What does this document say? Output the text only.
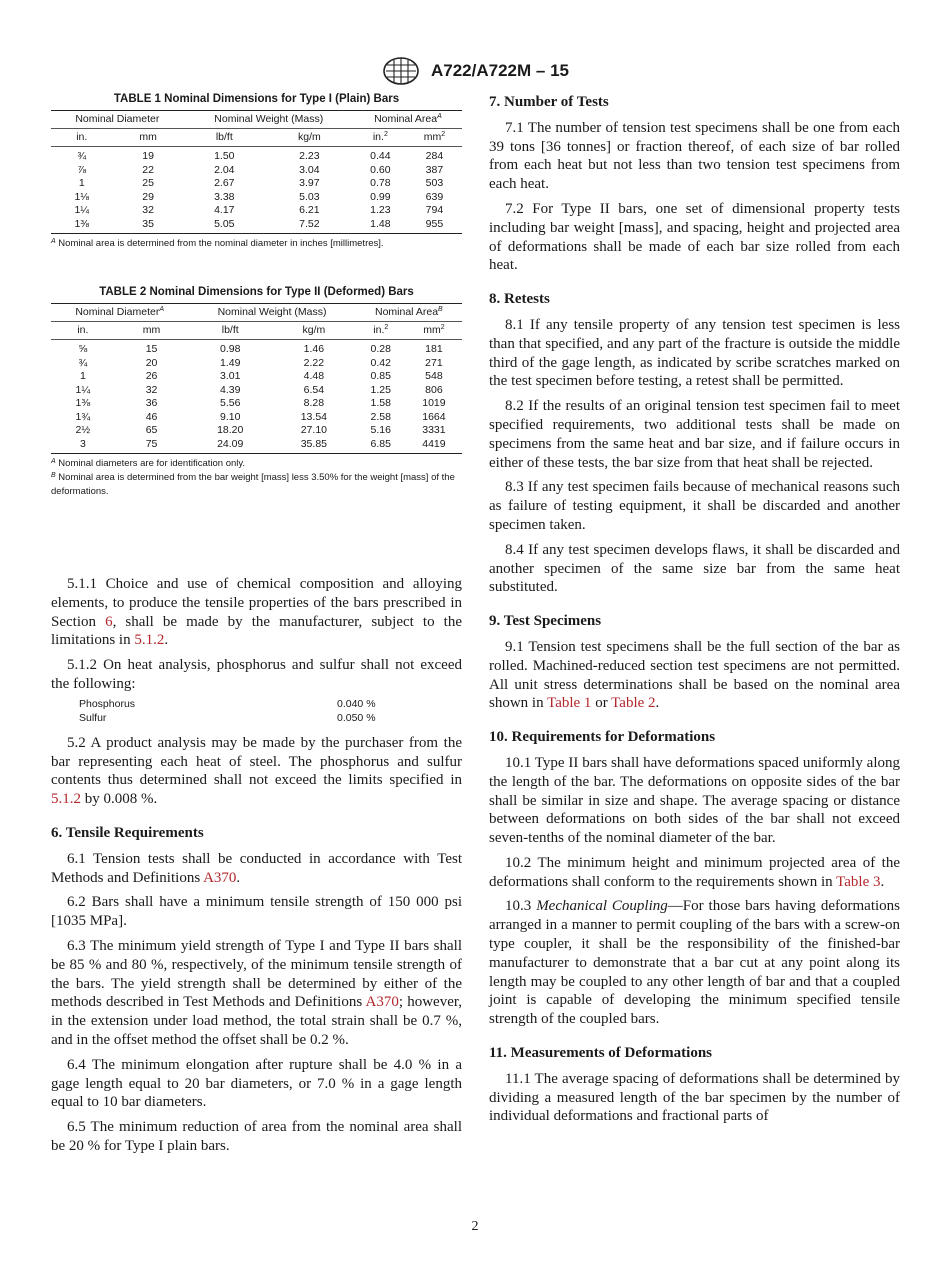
A722/A722M – 15
TABLE 1 Nominal Dimensions for Type I (Plain) Bars
Nominal Diameter		Nominal Weight (Mass)		Nominal Area$^A$
in.	mm	lb/ft	kg/m	in.$^2$	$mm^2$
¾	19	1.50	2.23	0.44	284
⅞	22	2.04	3.04	0.60	387
1	25	2.67	3.97	0.78	503
1⅛	29	3.38	5.03	0.99	639
1¼	32	4.17	6.21	1.23	794
1⅜	35	5.05	7.52	1.48	955
$^A$ Nominal area is determined from the nominal diameter in inches [millimetres].
TABLE 2 Nominal Dimensions for Type II (Deformed) Bars
Nominal Diameter$^A$		Nominal Weight (Mass)		Nominal Area$^B$
in.	mm	lb/ft	kg/m	in.$^2$	$mm^2$
⅝	15	0.98	1.46	0.28	181
¾	20	1.49	2.22	0.42	271
1	26	3.01	4.48	0.85	548
1¼	32	4.39	6.54	1.25	806
1⅜	36	5.56	8.28	1.58	1019
1¾	46	9.10	13.54	2.58	1664
2½	65	18.20	27.10	5.16	3331
3	75	24.09	35.85	6.85	4419
$^A$ Nominal diameters are for identification only.
$^B$ Nominal area is determined from the bar weight [mass] less 3.50% for the weight [mass] of the deformations.

5.1.1 Choice and use of chemical composition and alloying elements, to produce the tensile properties of the bars prescribed in Section 6, shall be made by the manufacturer, subject to the limitations in 5.1.2.

5.1.2 On heat analysis, phosphorus and sulfur shall not exceed the following:

Phosphorus	0.040 %
Sulfur	0.050 %

5.2 A product analysis may be made by the purchaser from the bar representing each heat of steel. The phosphorus and sulfur contents thus determined shall not exceed the limits specified in 5.1.2 by 0.008 %.

6. Tensile Requirements

6.1 Tension tests shall be conducted in accordance with Test Methods and Definitions A370.

6.2 Bars shall have a minimum tensile strength of 150 000 psi [1035 MPa].

6.3 The minimum yield strength of Type I and Type II bars shall be 85 % and 80 %, respectively, of the minimum tensile strength of the bars. The yield strength shall be determined by either of the methods described in Test Methods and Definitions A370; however, in the extension under load method, the total strain shall be 0.7 %, and in the offset method the offset shall be 0.2 %.

6.4 The minimum elongation after rupture shall be 4.0 % in a gage length equal to 20 bar diameters, or 7.0 % in a gage length equal to 10 bar diameters.

6.5 The minimum reduction of area from the nominal area shall be 20 % for Type I plain bars.

7. Number of Tests

7.1 The number of tension test specimens shall be one from each 39 tons [36 tonnes] or fraction thereof, of each size of bar rolled from each heat but not less than two tension test specimens from each heat.

7.2 For Type II bars, one set of dimensional property tests including bar weight [mass], and spacing, height and projected area of deformations shall be made of each bar size rolled from each heat.

8. Retests

8.1 If any tensile property of any tension test specimen is less than that specified, and any part of the fracture is outside the middle third of the gage length, as indicated by scribe scratches marked on the test specimen before testing, a retest shall be permitted.

8.2 If the results of an original tension test specimen fail to meet specified requirements, two additional tests shall be made on specimens from the same heat and bar size, and if failure occurs in either of these tests, the bar size from that heat shall be rejected.

8.3 If any test specimen fails because of mechanical reasons such as failure of testing equipment, it shall be discarded and another specimen taken.

8.4 If any test specimen develops flaws, it shall be discarded and another specimen of the same size bar from the same heat substituted.

9. Test Specimens

9.1 Tension test specimens shall be the full section of the bar as rolled. Machined-reduced section test specimens are not permitted. All unit stress determinations shall be based on the nominal area shown in Table 1 or Table 2.

10. Requirements for Deformations

10.1 Type II bars shall have deformations spaced uniformly along the length of the bar. The deformations on opposite sides of the bar shall be similar in size and shape. The average spacing or distance between deformations on both sides of the bar shall not exceed seven-tenths of the nominal diameter of the bar.

10.2 The minimum height and minimum projected area of the deformations shall conform to the requirements shown in Table 3.

10.3 Mechanical Coupling—For those bars having deformations arranged in a manner to permit coupling of the bars with a screw-on type coupler, it shall be the responsibility of the finished-bar manufacturer to demonstrate that a bar cut at any point along its length may be coupled to any other length of bar and that a coupled joint is capable of developing the minimum specified tensile strength of the coupled bars.

11. Measurements of Deformations

11.1 The average spacing of deformations shall be determined by dividing a measured length of the bar specimen by the number of individual deformations and fractional parts of

2
